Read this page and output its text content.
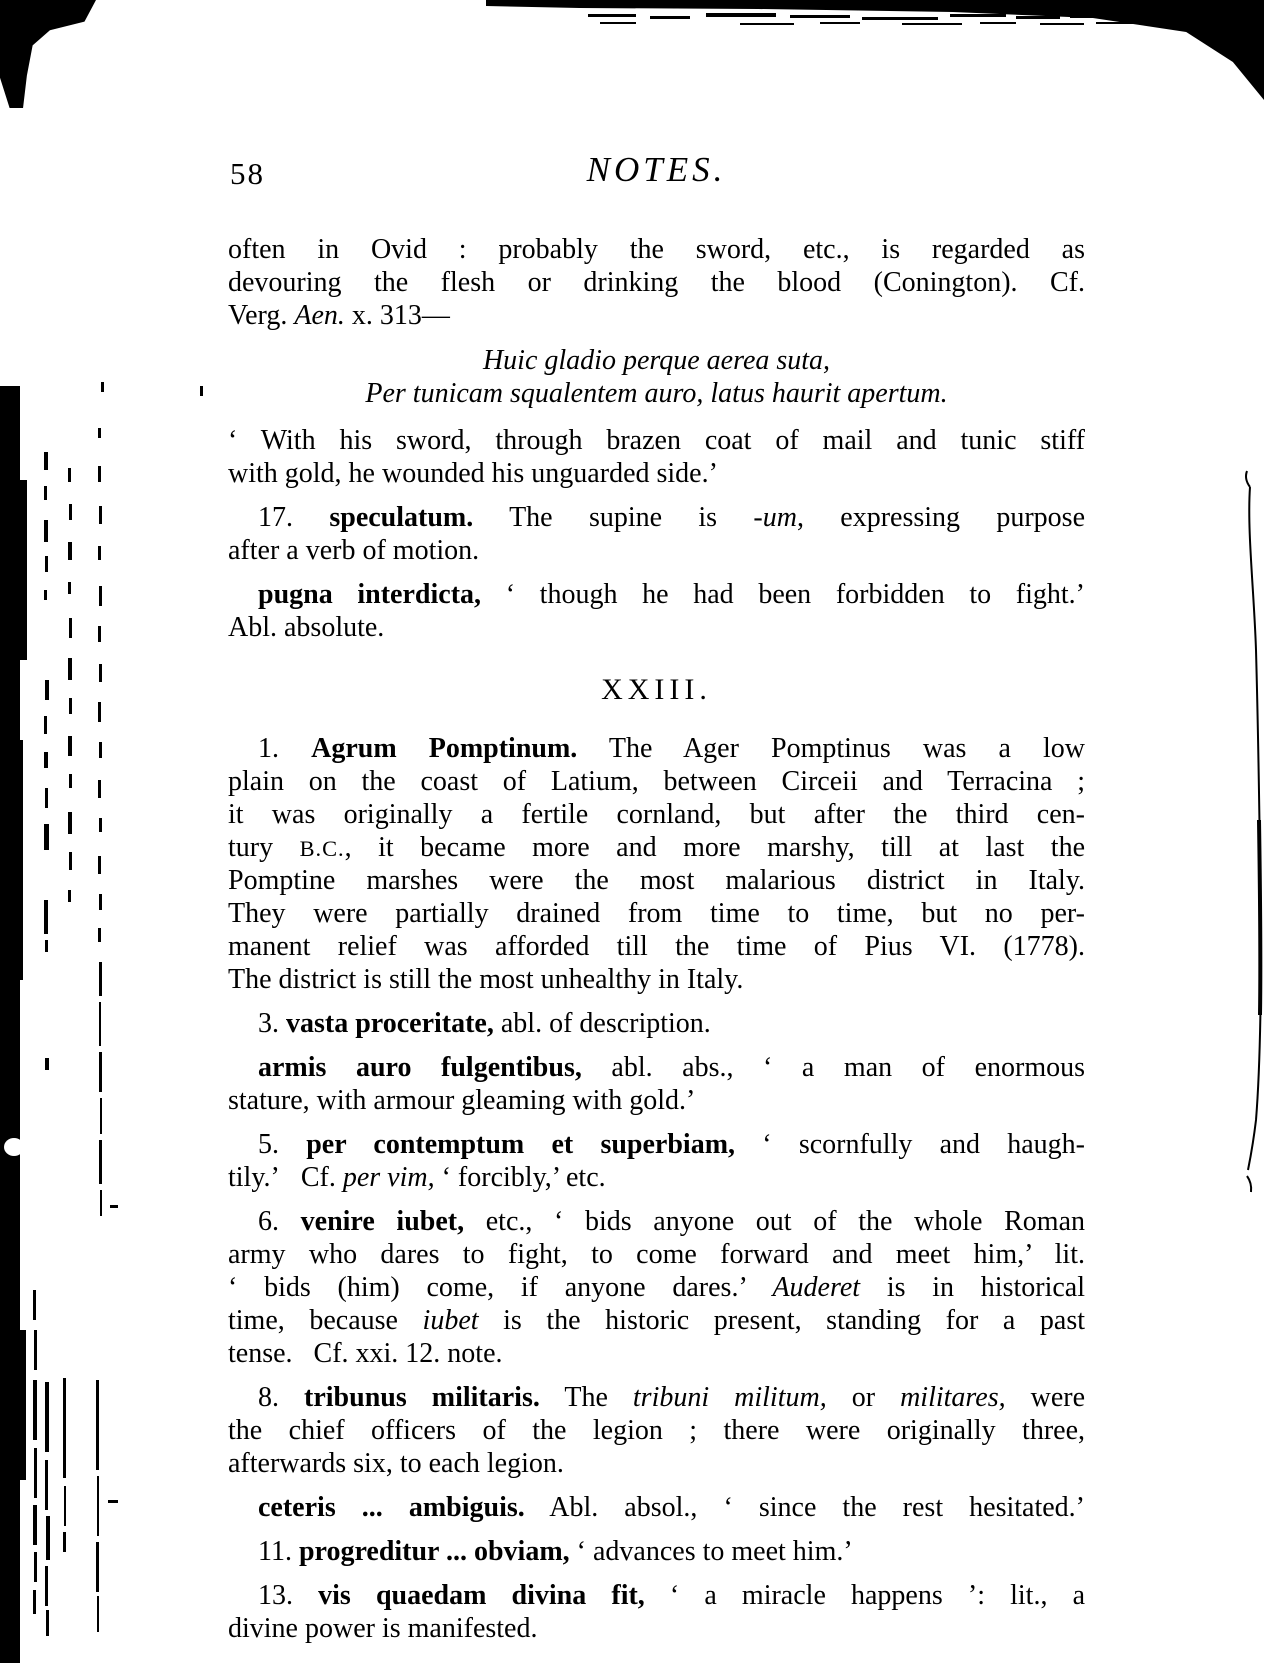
58	NOTES.
often in Ovid : probably the sword, etc., is regarded as
devouring the flesh or drinking the blood (Conington). Cf.
Verg. Aen. x. 313—
Huic gladio perque aerea suta,
Per tunicam squalentem auro, latus haurit apertum.
‘ With his sword, through brazen coat of mail and tunic stiff
with gold, he wounded his unguarded side.’
17. speculatum. The supine is -um, expressing purpose
after a verb of motion.
pugna interdicta, ‘ though he had been forbidden to fight.’
Abl. absolute.
XXIII.
1. Agrum Pomptinum. The Ager Pomptinus was a low
plain on the coast of Latium, between Circeii and Terracina ;
it was originally a fertile cornland, but after the third cen-
tury B.C., it became more and more marshy, till at last the
Pomptine marshes were the most malarious district in Italy.
They were partially drained from time to time, but no per-
manent relief was afforded till the time of Pius VI. (1778).
The district is still the most unhealthy in Italy.
3. vasta proceritate, abl. of description.
armis auro fulgentibus, abl. abs., ‘ a man of enormous
stature, with armour gleaming with gold.’
5. per contemptum et superbiam, ‘ scornfully and haugh-
tily.’  Cf. per vim, ‘ forcibly,’ etc.
6. venire iubet, etc., ‘ bids anyone out of the whole Roman
army who dares to fight, to come forward and meet him,’ lit.
‘ bids (him) come, if anyone dares.’ Auderet is in historical
time, because iubet is the historic present, standing for a past
tense.  Cf. xxi. 12. note.
8. tribunus militaris. The tribuni militum, or militares, were
the chief officers of the legion ; there were originally three,
afterwards six, to each legion.
ceteris ... ambiguis. Abl. absol., ‘ since the rest hesitated.’
11. progreditur ... obviam, ‘ advances to meet him.’
13. vis quaedam divina fit, ‘ a miracle happens ’: lit., a
divine power is manifested.
